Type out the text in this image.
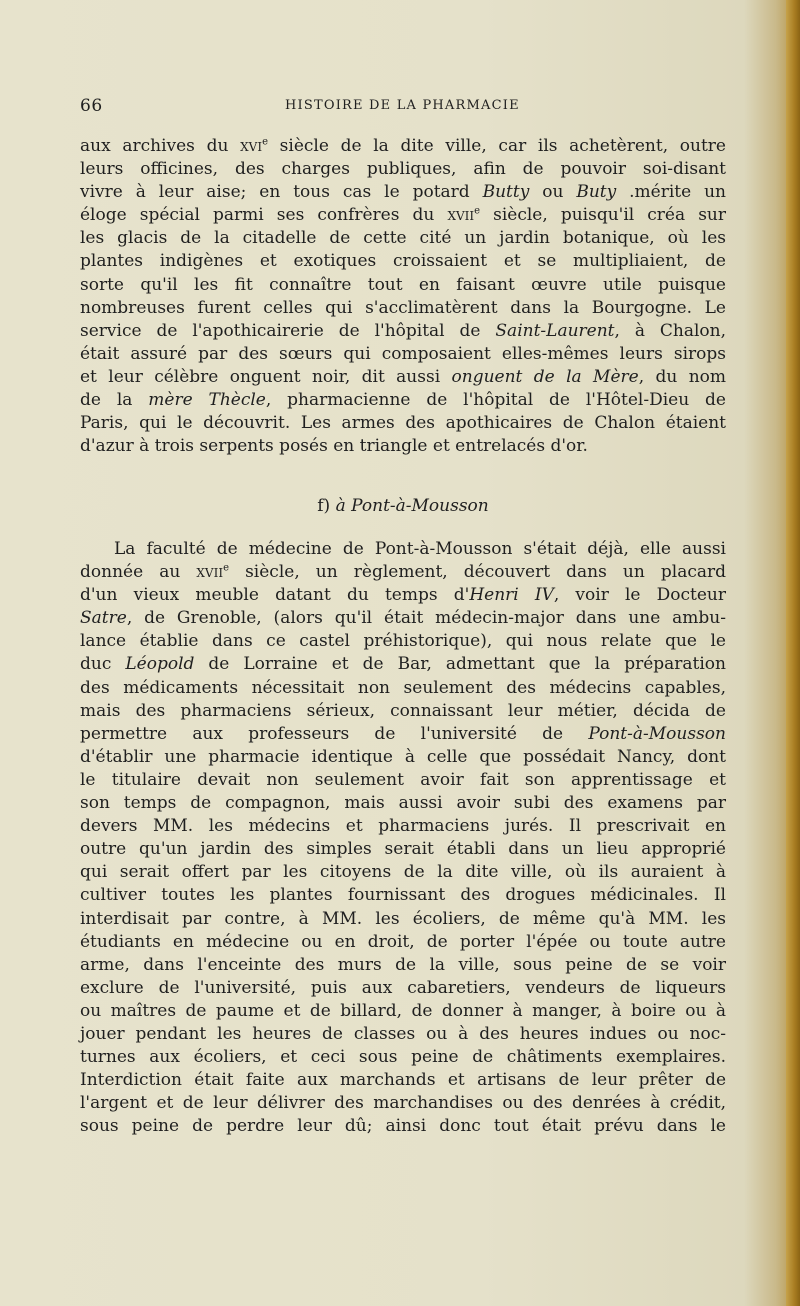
66	HISTOIRE DE LA PHARMACIE
aux archives du xvi$^e$ siècle de la dite ville, car ils achetèrent, outre
leurs officines, des charges publiques, afin de pouvoir soi-disant
vivre à leur aise; en tous cas le potard Butty ou Buty .mérite un
éloge spécial parmi ses confrères du xvii$^e$ siècle, puisqu'il créa sur
les glacis de la citadelle de cette cité un jardin botanique, où les
plantes indigènes et exotiques croissaient et se multipliaient, de
sorte qu'il les fit connaître tout en faisant œuvre utile puisque
nombreuses furent celles qui s'acclimatèrent dans la Bourgogne. Le
service de l'apothicairerie de l'hôpital de Saint-Laurent, à Chalon,
était assuré par des sœurs qui composaient elles-mêmes leurs sirops
et leur célèbre onguent noir, dit aussi onguent de la Mère, du nom
de la mère Thècle, pharmacienne de l'hôpital de l'Hôtel-Dieu de
Paris, qui le découvrit. Les armes des apothicaires de Chalon étaient
d'azur à trois serpents posés en triangle et entrelacés d'or.
f) à Pont-à-Mousson
La faculté de médecine de Pont-à-Mousson s'était déjà, elle aussi
donnée au xvii$^e$ siècle, un règlement, découvert dans un placard
d'un vieux meuble datant du temps d'Henri IV, voir le Docteur
Satre, de Grenoble, (alors qu'il était médecin-major dans une ambu-
lance établie dans ce castel préhistorique), qui nous relate que le
duc Léopold de Lorraine et de Bar, admettant que la préparation
des médicaments nécessitait non seulement des médecins capables,
mais des pharmaciens sérieux, connaissant leur métier, décida de
permettre aux professeurs de l'université de Pont-à-Mousson
d'établir une pharmacie identique à celle que possédait Nancy, dont
le titulaire devait non seulement avoir fait son apprentissage et
son temps de compagnon, mais aussi avoir subi des examens par
devers MM. les médecins et pharmaciens jurés. Il prescrivait en
outre qu'un jardin des simples serait établi dans un lieu approprié
qui serait offert par les citoyens de la dite ville, où ils auraient à
cultiver toutes les plantes fournissant des drogues médicinales. Il
interdisait par contre, à MM. les écoliers, de même qu'à MM. les
étudiants en médecine ou en droit, de porter l'épée ou toute autre
arme, dans l'enceinte des murs de la ville, sous peine de se voir
exclure de l'université, puis aux cabaretiers, vendeurs de liqueurs
ou maîtres de paume et de billard, de donner à manger, à boire ou à
jouer pendant les heures de classes ou à des heures indues ou noc-
turnes aux écoliers, et ceci sous peine de châtiments exemplaires.
Interdiction était faite aux marchands et artisans de leur prêter de
l'argent et de leur délivrer des marchandises ou des denrées à crédit,
sous peine de perdre leur dû; ainsi donc tout était prévu dans le
